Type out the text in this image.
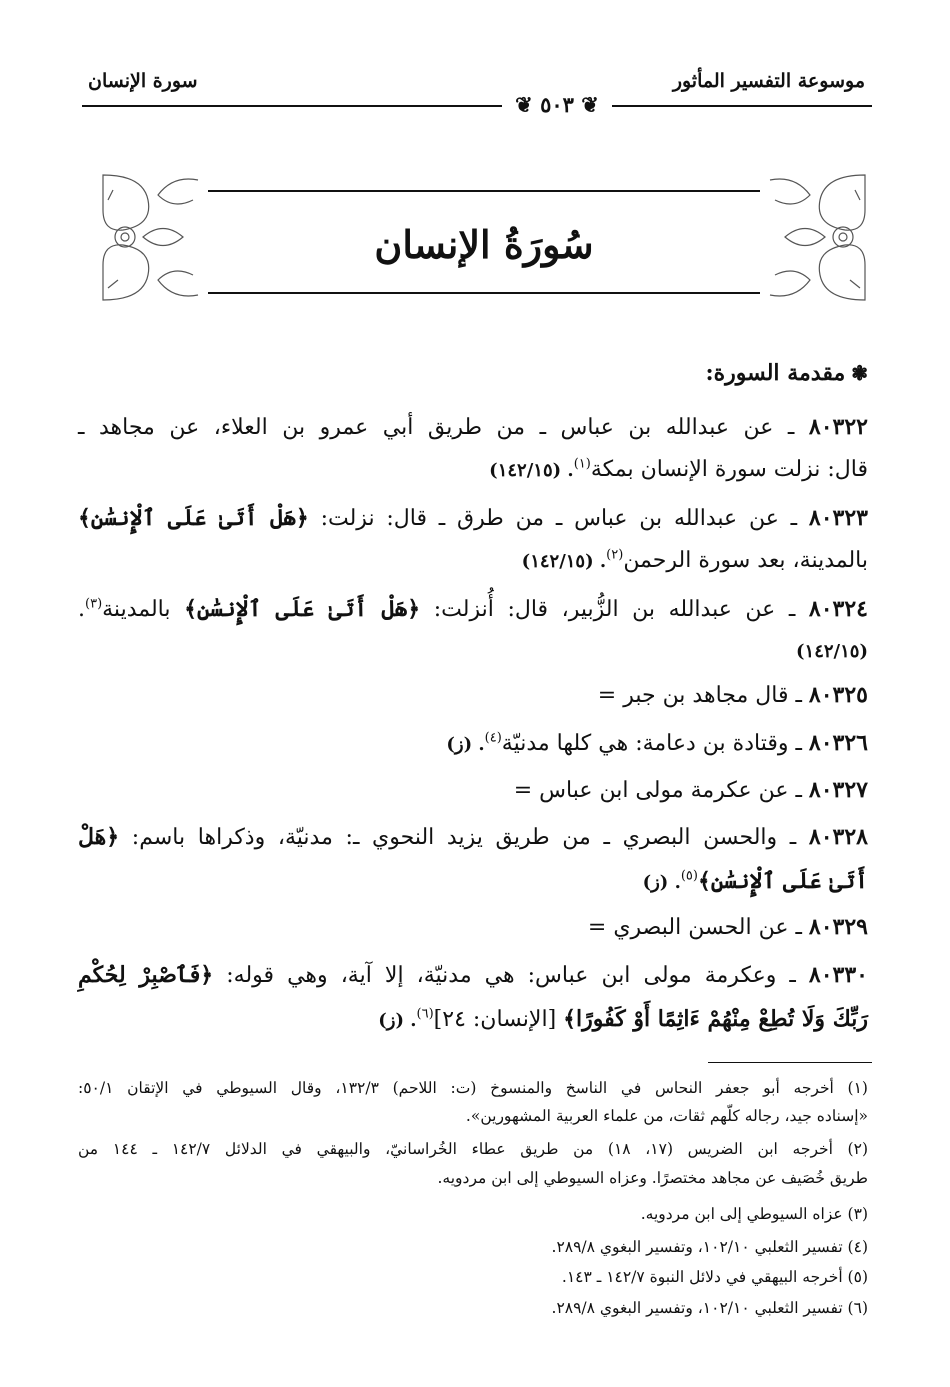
موسوعة التفسير المأثور
سورة الإنسان
❦ ٥٠٣ ❦
سُورَةُ الإنسان
❃مقدمة السورة:
٨٠٣٢٢ ـ عن عبدالله بن عباس ـ من طريق أبي عمرو بن العلاء، عن مجاهد ـ
قال: نزلت سورة الإنسان بمكة$^{(١)}$. (١٤٢/١٥)
٨٠٣٢٣ ـ عن عبدالله بن عباس ـ من طرق ـ قال: نزلت: ﴿هَلْ أَتَىٰ عَلَى ٱلْإِنسَٰنِ﴾
بالمدينة، بعد سورة الرحمن$^{(٢)}$. (١٤٢/١٥)
٨٠٣٢٤ ـ عن عبدالله بن الزُّبير، قال: أُنزلت: ﴿هَلْ أَتَىٰ عَلَى ٱلْإِنسَٰنِ﴾ بالمدينة$^{(٣)}$.
(١٤٢/١٥)
٨٠٣٢٥ ـ قال مجاهد بن جبر =
٨٠٣٢٦ ـ وقتادة بن دعامة: هي كلها مدنيّة$^{(٤)}$. (ز)
٨٠٣٢٧ ـ عن عكرمة مولى ابن عباس =
٨٠٣٢٨ ـ والحسن البصري ـ من طريق يزيد النحوي ـ: مدنيّة، وذكراها باسم: ﴿هَلْ
أَتَىٰ عَلَى ٱلْإِنسَٰنِ﴾$^{(٥)}$. (ز)
٨٠٣٢٩ ـ عن الحسن البصري =
٨٠٣٣٠ ـ وعكرمة مولى ابن عباس: هي مدنيّة، إلا آية، وهي قوله: ﴿فَٱصْبِرْ لِحُكْمِ
رَبِّكَ وَلَا تُطِعْ مِنْهُمْ ءَاثِمًا أَوْ كَفُورًا﴾ [الإنسان: ٢٤]$^{(٦)}$. (ز)
(١) أخرجه أبو جعفر النحاس في الناسخ والمنسوخ (ت: اللاحم) ١٣٢/٣، وقال السيوطي في الإتقان ٥٠/١:
«إسناده جيد، رجاله كلّهم ثقات، من علماء العربية المشهورين».
(٢) أخرجه ابن الضريس (١٧، ١٨) من طريق عطاء الخُراسانيّ، والبيهقي في الدلائل ١٤٢/٧ ـ ١٤٤ من
طريق خُصَيف عن مجاهد مختصرًا. وعزاه السيوطي إلى ابن مردويه.
(٣) عزاه السيوطي إلى ابن مردويه.
(٤) تفسير الثعلبي ١٠٢/١٠، وتفسير البغوي ٢٨٩/٨.
(٥) أخرجه البيهقي في دلائل النبوة ١٤٢/٧ ـ ١٤٣.
(٦) تفسير الثعلبي ١٠٢/١٠، وتفسير البغوي ٢٨٩/٨.
